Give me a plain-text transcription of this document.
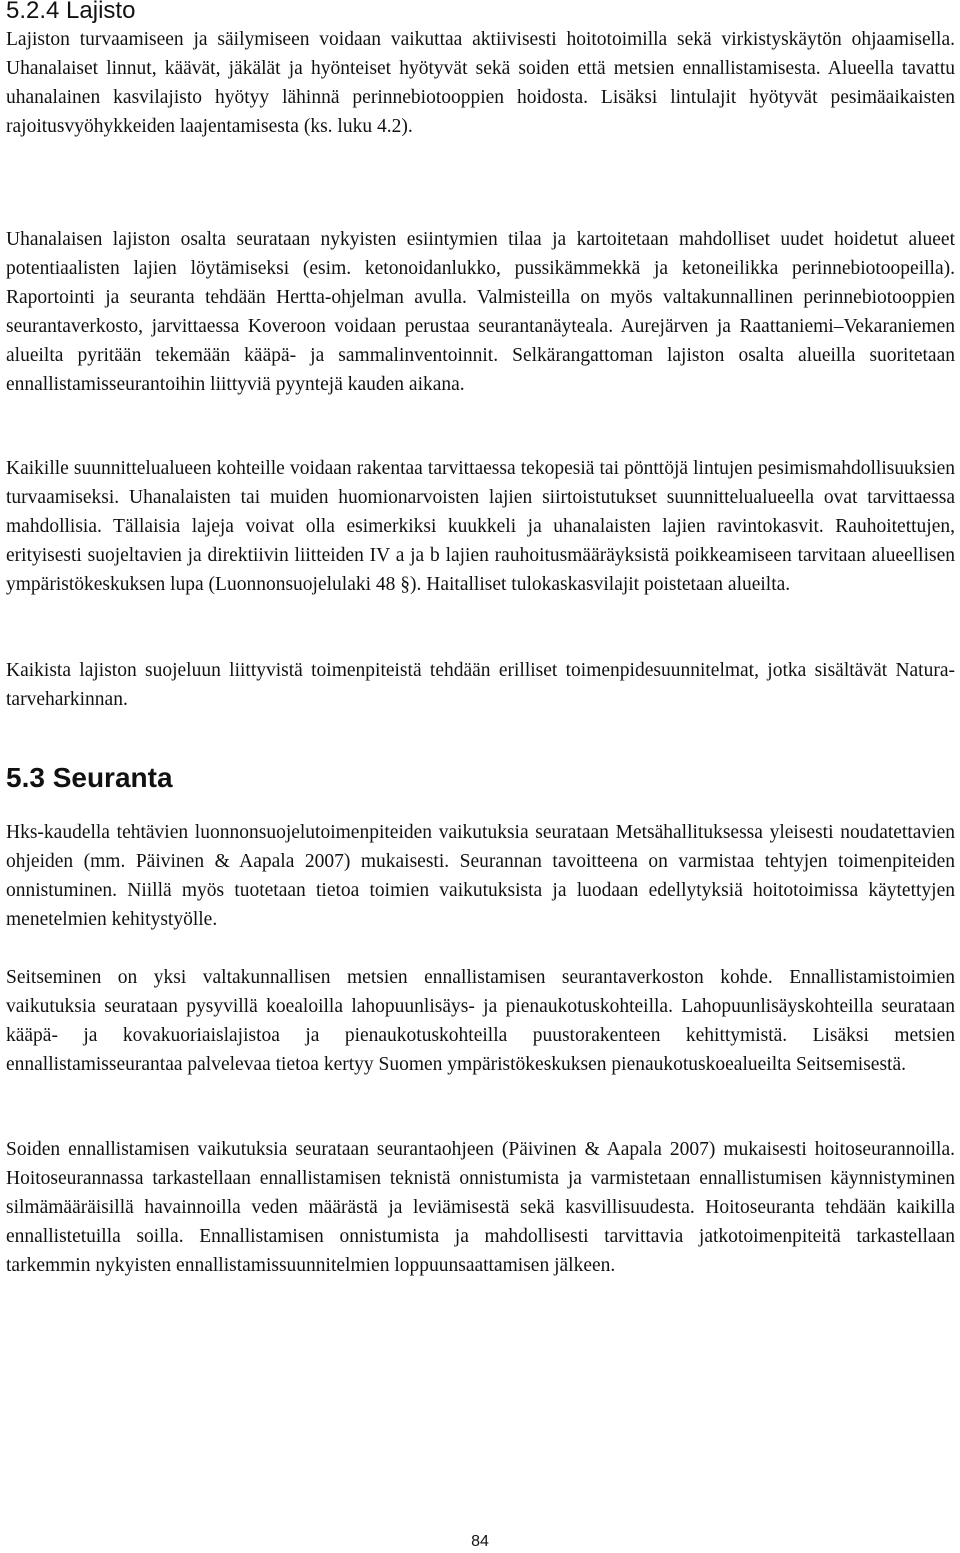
5.2.4 Lajisto

Lajiston turvaamiseen ja säilymiseen voidaan vaikuttaa aktiivisesti hoitotoimilla sekä virkistyskäytön ohjaamisella. Uhanalaiset linnut, käävät, jäkälät ja hyönteiset hyötyvät sekä soiden että metsien ennallistamisesta. Alueella tavattu uhanalainen kasvilajisto hyötyy lähinnä perinnebiotooppien hoidosta. Lisäksi lintulajit hyötyvät pesimäaikaisten rajoitusvyöhykkeiden laajentamisesta (ks. luku 4.2).

Uhanalaisen lajiston osalta seurataan nykyisten esiintymien tilaa ja kartoitetaan mahdolliset uudet hoidetut alueet potentiaalisten lajien löytämiseksi (esim. ketonoidanlukko, pussikämmekkä ja ketoneilikka perinnebiotoopeilla). Raportointi ja seuranta tehdään Hertta-ohjelman avulla. Valmisteilla on myös valtakunnallinen perinnebiotooppien seurantaverkosto, jarvittaessa Koveroon voidaan perustaa seurantanäyteala. Aurejärven ja Raattaniemi–Vekaraniemen alueilta pyritään tekemään kääpä- ja sammalinventoinnit. Selkärangattoman lajiston osalta alueilla suoritetaan ennallistamisseurantoihin liittyviä pyyntejä kauden aikana.

Kaikille suunnittelualueen kohteille voidaan rakentaa tarvittaessa tekopesiä tai pönttöjä lintujen pesimismahdollisuuksien turvaamiseksi. Uhanalaisten tai muiden huomionarvoisten lajien siirtoistutukset suunnittelualueella ovat tarvittaessa mahdollisia. Tällaisia lajeja voivat olla esimerkiksi kuukkeli ja uhanalaisten lajien ravintokasvit. Rauhoitettujen, erityisesti suojeltavien ja direktiivin liitteiden IV a ja b lajien rauhoitusmääräyksistä poikkeamiseen tarvitaan alueellisen ympäristökeskuksen lupa (Luonnonsuojelulaki 48 §). Haitalliset tulokaskasvilajit poistetaan alueilta.

Kaikista lajiston suojeluun liittyvistä toimenpiteistä tehdään erilliset toimenpidesuunnitelmat, jotka sisältävät Natura-tarveharkinnan.

5.3 Seuranta

Hks-kaudella tehtävien luonnonsuojelutoimenpiteiden vaikutuksia seurataan Metsähallituksessa yleisesti noudatettavien ohjeiden (mm. Päivinen & Aapala 2007) mukaisesti. Seurannan tavoitteena on varmistaa tehtyjen toimenpiteiden onnistuminen. Niillä myös tuotetaan tietoa toimien vaikutuksista ja luodaan edellytyksiä hoitotoimissa käytettyjen menetelmien kehitystyölle.

Seitseminen on yksi valtakunnallisen metsien ennallistamisen seurantaverkoston kohde. Ennallistamistoimien vaikutuksia seurataan pysyvillä koealoilla lahopuunlisäys- ja pienaukotuskohteilla. Lahopuunlisäyskohteilla seurataan kääpä- ja kovakuoriaislajistoa ja pienaukotuskohteilla puustorakenteen kehittymistä. Lisäksi metsien ennallistamisseurantaa palvelevaa tietoa kertyy Suomen ympäristökeskuksen pienaukotuskoealueilta Seitsemisestä.

Soiden ennallistamisen vaikutuksia seurataan seurantaohjeen (Päivinen & Aapala 2007) mukaisesti hoitoseurannoilla. Hoitoseurannassa tarkastellaan ennallistamisen teknistä onnistumista ja varmistetaan ennallistumisen käynnistyminen silmämääräisillä havainnoilla veden määrästä ja leviämisestä sekä kasvillisuudesta. Hoitoseuranta tehdään kaikilla ennallistetuilla soilla. Ennallistamisen onnistumista ja mahdollisesti tarvittavia jatkotoimenpiteitä tarkastellaan tarkemmin nykyisten ennallistamissuunnitelmien loppuunsaattamisen jälkeen.

84
